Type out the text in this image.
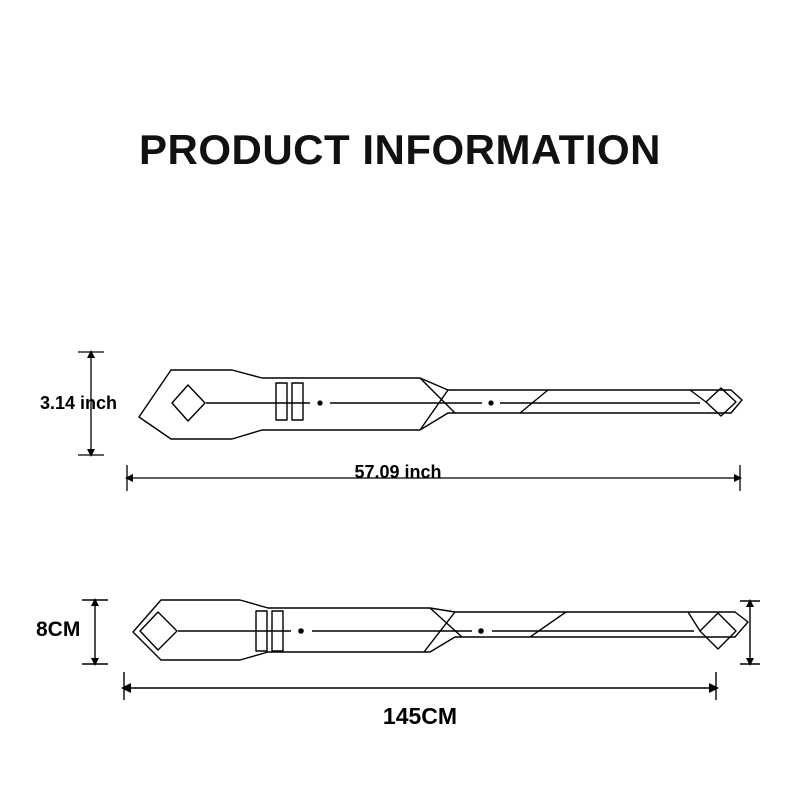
PRODUCT INFORMATION
3.14 inch
57.09 inch
8CM
145CM
